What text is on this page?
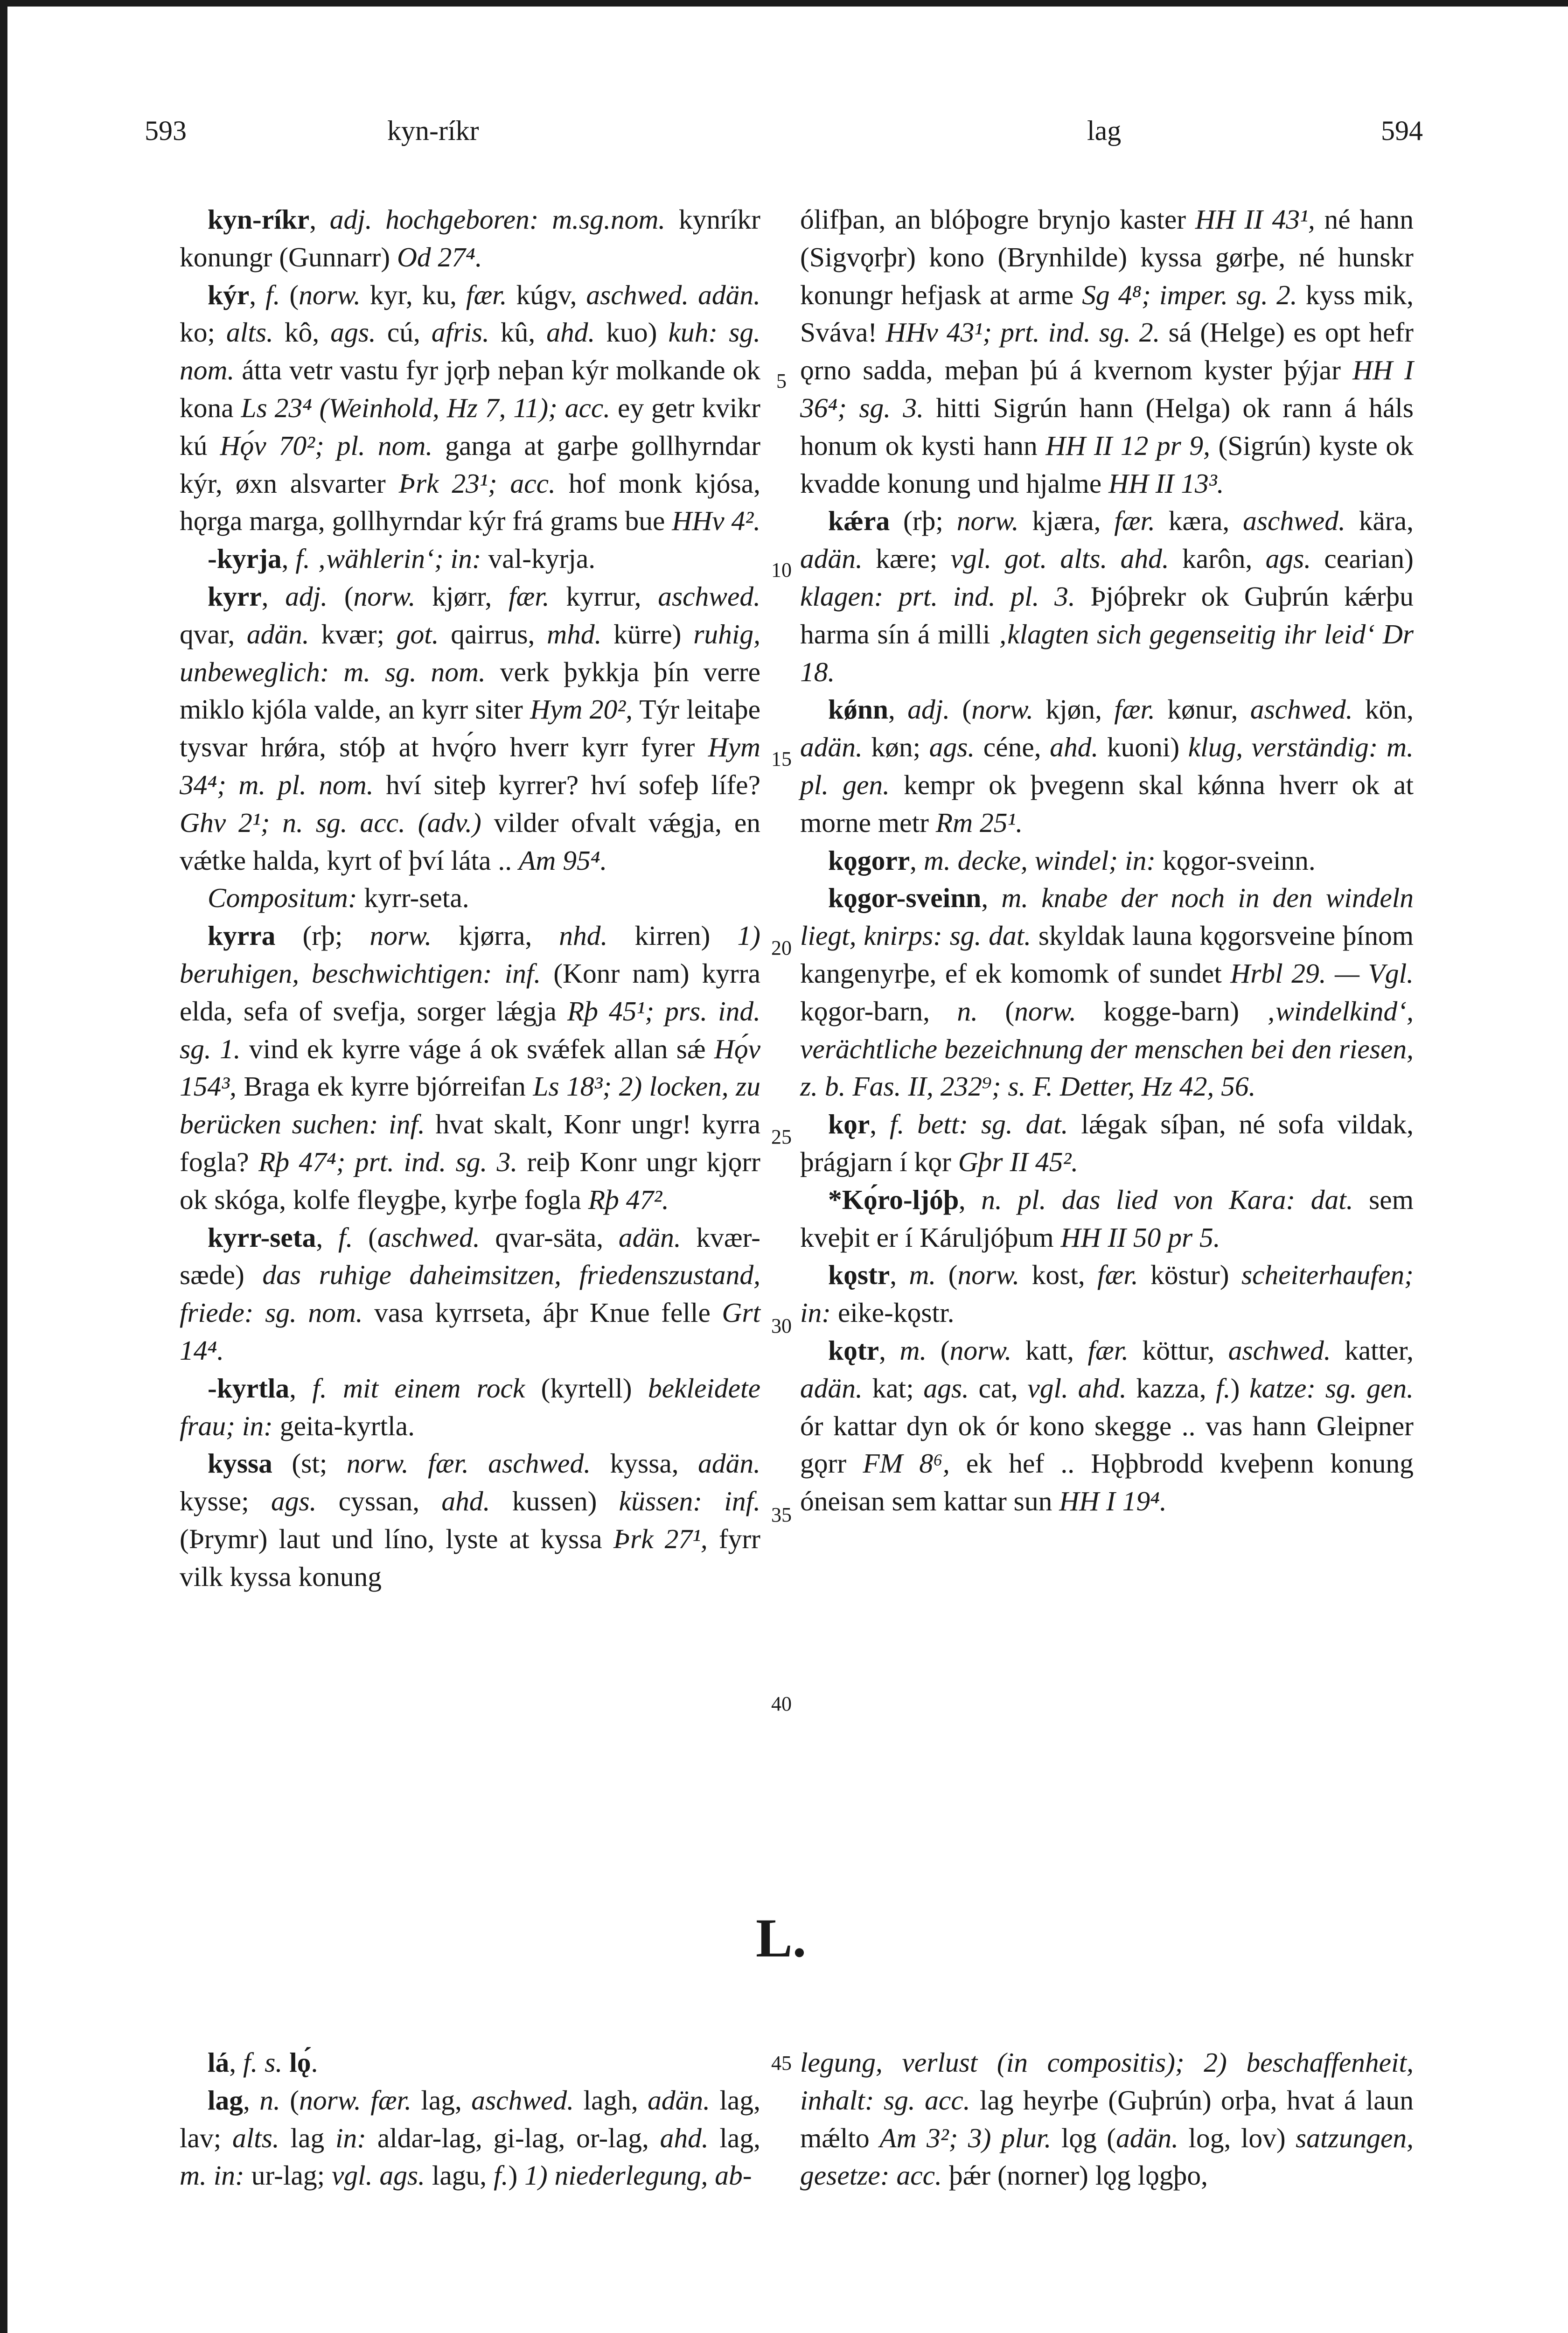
593	kyn-ríkr	lag	594

kyn-ríkr, adj. hochgeboren: m.sg.nom. kynríkr konungr (Gunnarr) Od 27⁴.

kýr, f. (norw. kyr, ku, fær. kúgv, aschwed. adän. ko; alts. kô, ags. cú, afris. kû, ahd. kuo) kuh: sg. nom. átta vetr vastu fyr jǫrþ neþan kýr molkande ok kona Ls 23⁴ (Weinhold, Hz 7, 11); acc. ey getr kvikr kú Hǫ́v 70²; pl. nom. ganga at garþe gollhyrndar kýr, øxn alsvarter Þrk 23¹; acc. hof monk kjósa, hǫrga marga, gollhyrndar kýr frá grams bue HHv 4².

-kyrja, f. ‚wählerin‘; in: val-kyrja.

kyrr, adj. (norw. kjørr, fær. kyrrur, aschwed. qvar, adän. kvær; got. qairrus, mhd. kürre) ruhig, unbeweglich: m. sg. nom. verk þykkja þín verre miklo kjóla valde, an kyrr siter Hym 20², Týr leitaþe tysvar hrǿra, stóþ at hvǫ́ro hverr kyrr fyrer Hym 34⁴; m. pl. nom. hví siteþ kyrrer? hví sofeþ lífe? Ghv 2¹; n. sg. acc. (adv.) vilder ofvalt vǽgja, en vǽtke halda, kyrt of því láta .. Am 95⁴.

Compositum: kyrr-seta.

kyrra (rþ; norw. kjørra, nhd. kirren) 1) beruhigen, beschwichtigen: inf. (Konr nam) kyrra elda, sefa of svefja, sorger lǽgja Rþ 45¹; prs. ind. sg. 1. vind ek kyrre váge á ok svǽfek allan sǽ Hǫ́v 154³, Braga ek kyrre bjórreifan Ls 18³; 2) locken, zu berücken suchen: inf. hvat skalt, Konr ungr! kyrra fogla? Rþ 47⁴; prt. ind. sg. 3. reiþ Konr ungr kjǫrr ok skóga, kolfe fleygþe, kyrþe fogla Rþ 47².

kyrr-seta, f. (aschwed. qvar-säta, adän. kvær-sæde) das ruhige daheimsitzen, friedenszustand, friede: sg. nom. vasa kyrrseta, áþr Knue felle Grt 14⁴.

-kyrtla, f. mit einem rock (kyrtell) bekleidete frau; in: geita-kyrtla.

kyssa (st; norw. fær. aschwed. kyssa, adän. kysse; ags. cyssan, ahd. kussen) küssen: inf. (Þrymr) laut und líno, lyste at kyssa Þrk 27¹, fyrr vilk kyssa konung

ólifþan, an blóþogre brynjo kaster HH II 43¹, né hann (Sigvǫrþr) kono (Brynhilde) kyssa gørþe, né hunskr konungr hefjask at arme Sg 4⁸; imper. sg. 2. kyss mik, Sváva! HHv 43¹; prt. ind. sg. 2. sá (Helge) es opt hefr ǫrno sadda, meþan þú á kvernom kyster þýjar HH I 36⁴; sg. 3. hitti Sigrún hann (Helga) ok rann á háls honum ok kysti hann HH II 12 pr 9, (Sigrún) kyste ok kvadde konung und hjalme HH II 13³.

kǽra (rþ; norw. kjæra, fær. kæra, aschwed. kära, adän. kære; vgl. got. alts. ahd. karôn, ags. cearian) klagen: prt. ind. pl. 3. Þjóþrekr ok Guþrún kǽrþu harma sín á milli ‚klagten sich gegenseitig ihr leid‘ Dr 18.

kǿnn, adj. (norw. kjøn, fær. kønur, aschwed. kön, adän. køn; ags. céne, ahd. kuoni) klug, verständig: m. pl. gen. kempr ok þvegenn skal kǿnna hverr ok at morne metr Rm 25¹.

kǫgorr, m. decke, windel; in: kǫgor-sveinn.

kǫgor-sveinn, m. knabe der noch in den windeln liegt, knirps: sg. dat. skyldak launa kǫgorsveine þínom kangenyrþe, ef ek komomk of sundet Hrbl 29. — Vgl. kǫgor-barn, n. (norw. kogge-barn) ‚windelkind‘, verächtliche bezeichnung der menschen bei den riesen, z. b. Fas. II, 232⁹; s. F. Detter, Hz 42, 56.

kǫr, f. bett: sg. dat. lǽgak síþan, né sofa vildak, þrágjarn í kǫr Gþr II 45².

*Kǫ́ro-ljóþ, n. pl. das lied von Kara: dat. sem kveþit er í Káruljóþum HH II 50 pr 5.

kǫstr, m. (norw. kost, fær. köstur) scheiterhaufen; in: eike-kǫstr.

kǫtr, m. (norw. katt, fær. köttur, aschwed. katter, adän. kat; ags. cat, vgl. ahd. kazza, f.) katze: sg. gen. ór kattar dyn ok ór kono skegge .. vas hann Gleipner gǫrr FM 8⁶, ek hef .. Hǫþbrodd kveþenn konung óneisan sem kattar sun HH I 19⁴.

5
10
15
20
25
30
35
40
45
L.

lá, f. s. lǫ́.

lag, n. (norw. fær. lag, aschwed. lagh, adän. lag, lav; alts. lag in: aldar-lag, gi-lag, or-lag, ahd. lag, m. in: ur-lag; vgl. ags. lagu, f.) 1) niederlegung, ab-

legung, verlust (in compositis); 2) beschaffenheit, inhalt: sg. acc. lag heyrþe (Guþrún) orþa, hvat á laun mǽlto Am 3²; 3) plur. lǫg (adän. log, lov) satzungen, gesetze: acc. þǽr (norner) lǫg lǫgþo,
